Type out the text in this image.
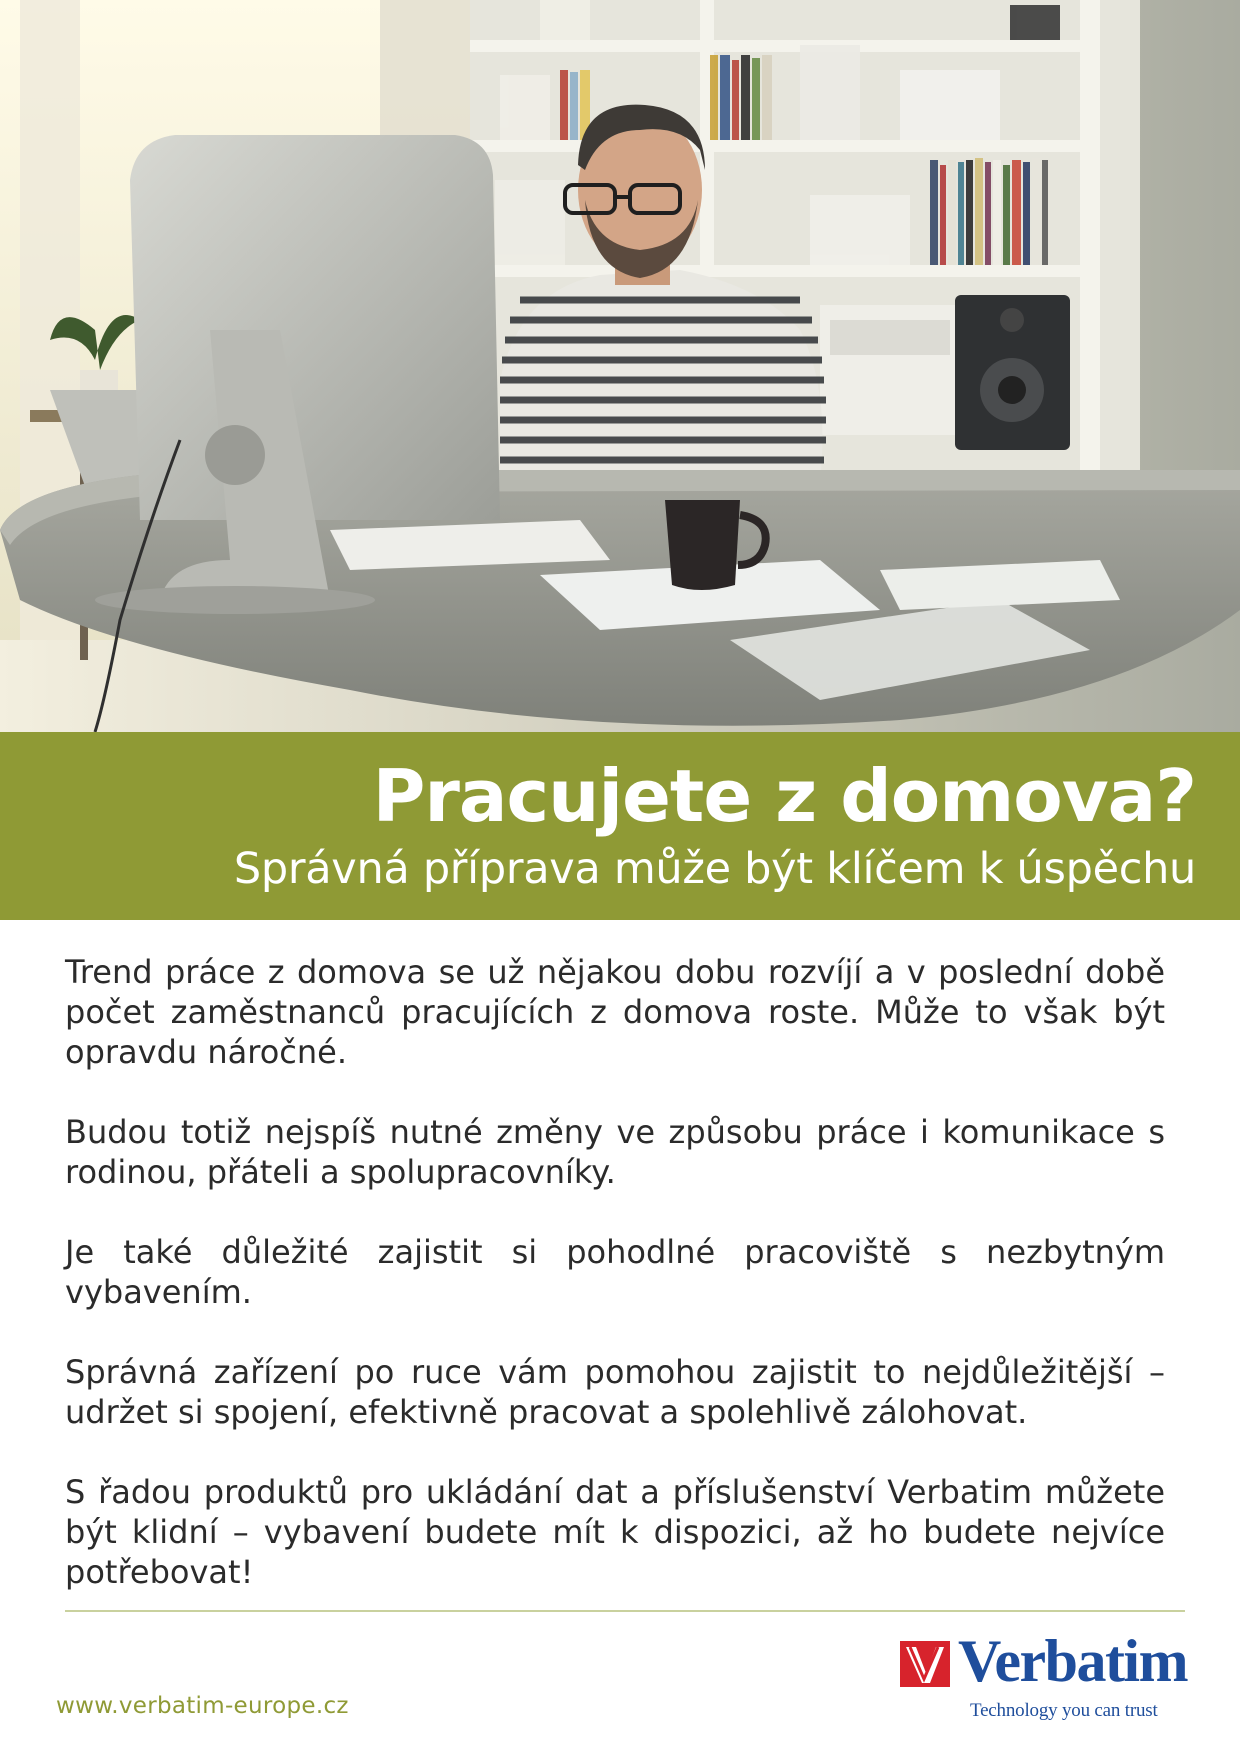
Pracujete z domova?
Správná příprava může být klíčem k úspěchu

Trend práce z domova se už nějakou dobu rozvíjí a v poslední době počet zaměstnanců pracujících z domova roste. Může to však být opravdu náročné.

Budou totiž nejspíš nutné změny ve způsobu práce i komunikace s rodinou, přáteli a spolupracovníky.

Je také důležité zajistit si pohodlné pracoviště s nezbytným vybavením.

Správná zařízení po ruce vám pomohou zajistit to nejdůležitější – udržet si spojení, efektivně pracovat a spolehlivě zálohovat.

S řadou produktů pro ukládání dat a příslušenství Verbatim můžete být klidní – vybavení budete mít k dispozici, až ho budete nejvíce potřebovat!

www.verbatim-europe.cz
Verbatim
Technology you can trust
